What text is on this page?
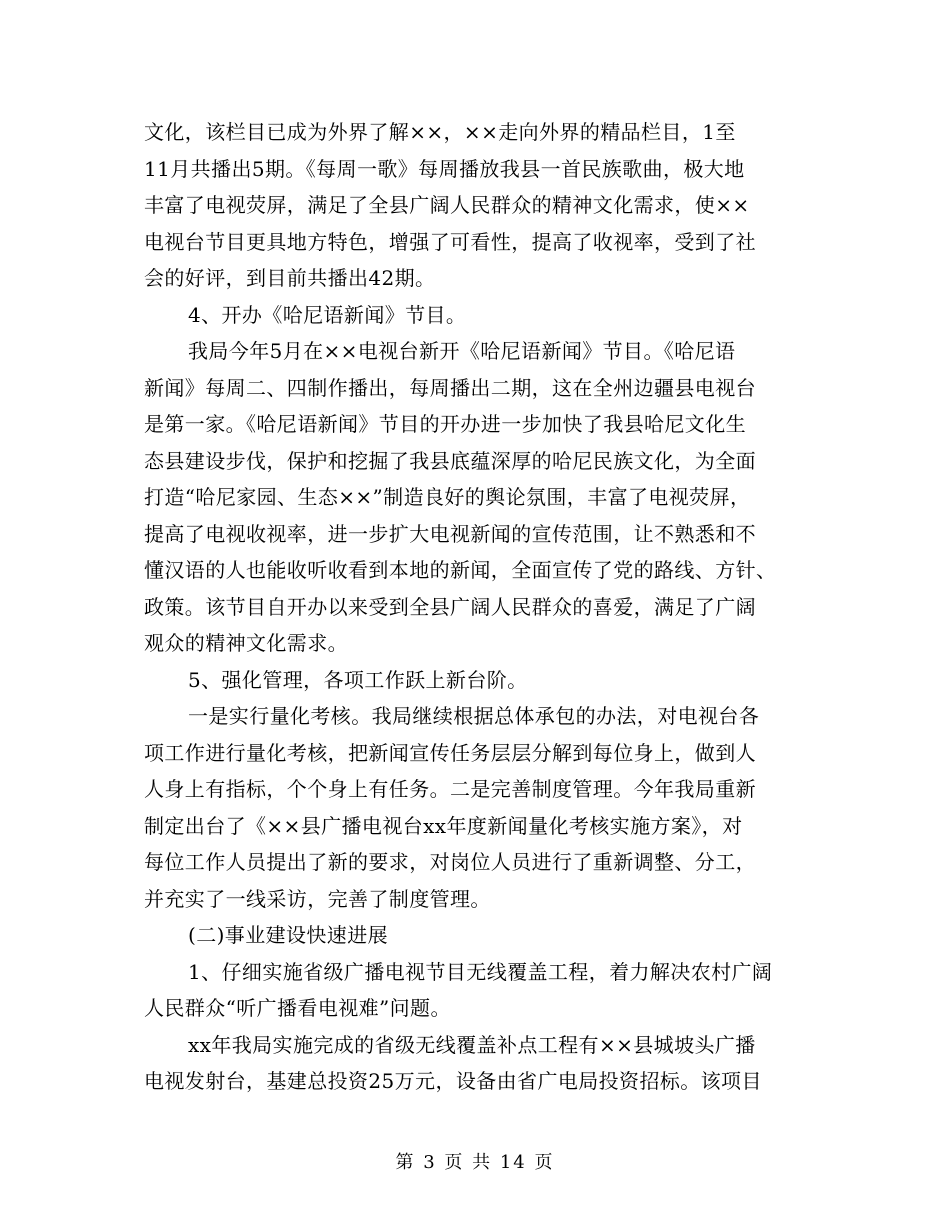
文化，该栏目已成为外界了解××，××走向外界的精品栏目，1至
11月共播出5期。《每周一歌》每周播放我县一首民族歌曲，极大地
丰富了电视荧屏，满足了全县广阔人民群众的精神文化需求，使××
电视台节目更具地方特色，增强了可看性，提高了收视率，受到了社
会的好评，到目前共播出42期。

4、开办《哈尼语新闻》节目。

我局今年5月在××电视台新开《哈尼语新闻》节目。《哈尼语
新闻》每周二、四制作播出，每周播出二期，这在全州边疆县电视台
是第一家。《哈尼语新闻》节目的开办进一步加快了我县哈尼文化生
态县建设步伐，保护和挖掘了我县底蕴深厚的哈尼民族文化，为全面
打造“哈尼家园、生态××”制造良好的舆论氛围，丰富了电视荧屏，
提高了电视收视率，进一步扩大电视新闻的宣传范围，让不熟悉和不
懂汉语的人也能收听收看到本地的新闻，全面宣传了党的路线、方针、
政策。该节目自开办以来受到全县广阔人民群众的喜爱，满足了广阔
观众的精神文化需求。

5、强化管理，各项工作跃上新台阶。

一是实行量化考核。我局继续根据总体承包的办法，对电视台各
项工作进行量化考核，把新闻宣传任务层层分解到每位身上，做到人
人身上有指标，个个身上有任务。二是完善制度管理。今年我局重新
制定出台了《××县广播电视台xx年度新闻量化考核实施方案》，对
每位工作人员提出了新的要求，对岗位人员进行了重新调整、分工，
并充实了一线采访，完善了制度管理。

(二)事业建设快速进展

1、仔细实施省级广播电视节目无线覆盖工程，着力解决农村广阔
人民群众“听广播看电视难”问题。

xx年我局实施完成的省级无线覆盖补点工程有××县城坡头广播
电视发射台，基建总投资25万元，设备由省广电局投资招标。该项目

第 3 页 共 14 页
